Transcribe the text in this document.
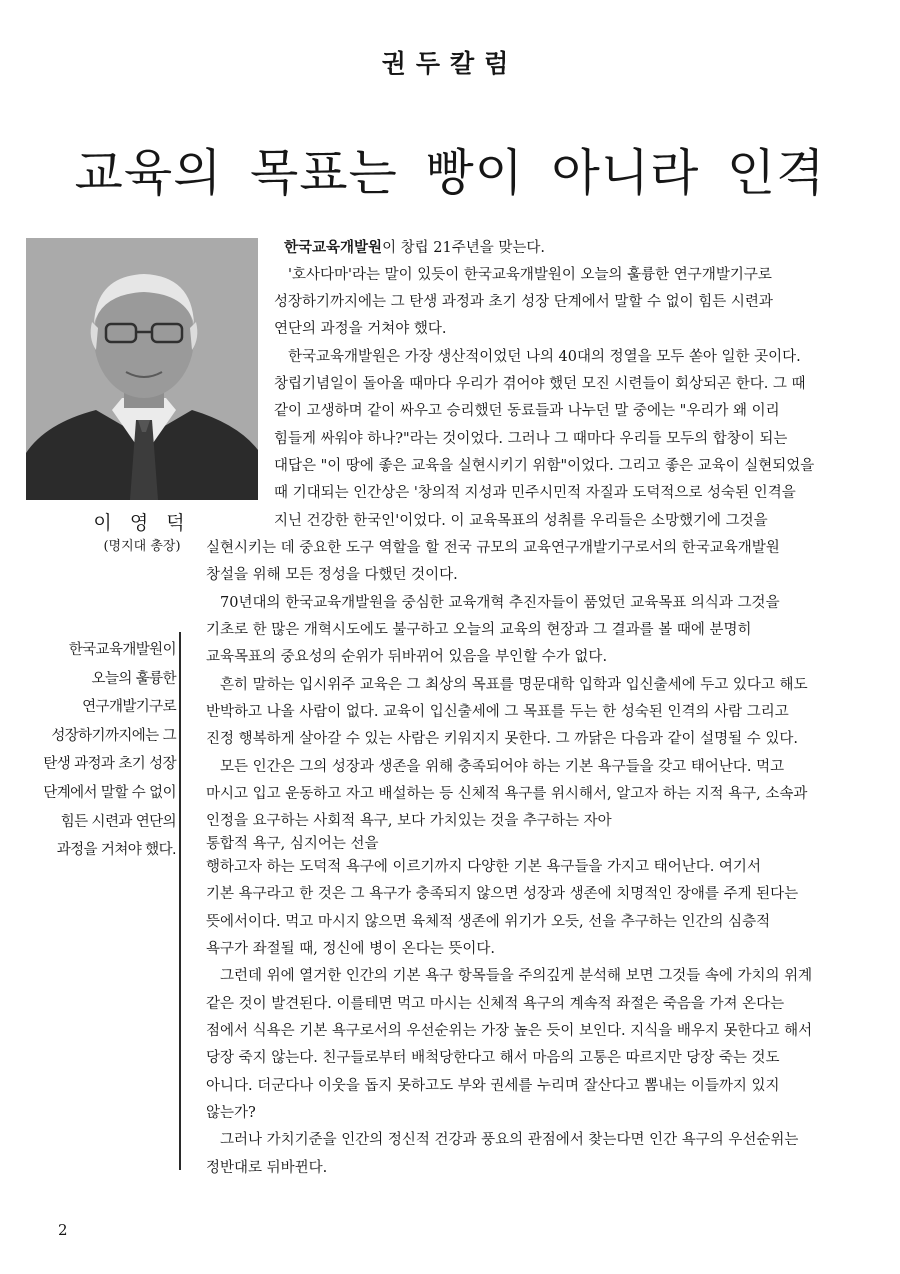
권두칼럼
교육의 목표는 빵이 아니라 인격
이 영 덕
(명지대 총장)
한국교육개발원이
오늘의 훌륭한
연구개발기구로
성장하기까지에는 그
탄생 과정과 초기 성장
단계에서 말할 수 없이
힘든 시련과 연단의
과정을 거쳐야 했다.
한국교육개발원이 창립 21주년을 맞는다.
'호사다마'라는 말이 있듯이 한국교육개발원이 오늘의 훌륭한 연구개발기구로
성장하기까지에는 그 탄생 과정과 초기 성장 단계에서 말할 수 없이 힘든 시련과
연단의 과정을 거쳐야 했다.
한국교육개발원은 가장 생산적이었던 나의 40대의 정열을 모두 쏟아 일한 곳이다.
창립기념일이 돌아올 때마다 우리가 겪어야 했던 모진 시련들이 회상되곤 한다. 그 때
같이 고생하며 같이 싸우고 승리했던 동료들과 나누던 말 중에는 "우리가 왜 이리
힘들게 싸워야 하나?"라는 것이었다. 그러나 그 때마다 우리들 모두의 합창이 되는
대답은 "이 땅에 좋은 교육을 실현시키기 위함"이었다. 그리고 좋은 교육이 실현되었을
때 기대되는 인간상은 '창의적 지성과 민주시민적 자질과 도덕적으로 성숙된 인격을
지닌 건강한 한국인'이었다. 이 교육목표의 성취를 우리들은 소망했기에 그것을
실현시키는 데 중요한 도구 역할을 할 전국 규모의 교육연구개발기구로서의 한국교육개발원
창설을 위해 모든 정성을 다했던 것이다.
70년대의 한국교육개발원을 중심한 교육개혁 추진자들이 품었던 교육목표 의식과 그것을
기초로 한 많은 개혁시도에도 불구하고 오늘의 교육의 현장과 그 결과를 볼 때에 분명히
교육목표의 중요성의 순위가 뒤바뀌어 있음을 부인할 수가 없다.
흔히 말하는 입시위주 교육은 그 최상의 목표를 명문대학 입학과 입신출세에 두고 있다고 해도
반박하고 나올 사람이 없다. 교육이 입신출세에 그 목표를 두는 한 성숙된 인격의 사람 그리고
진정 행복하게 살아갈 수 있는 사람은 키워지지 못한다. 그 까닭은 다음과 같이 설명될 수 있다.
모든 인간은 그의 성장과 생존을 위해 충족되어야 하는 기본 욕구들을 갖고 태어난다. 먹고
마시고 입고 운동하고 자고 배설하는 등 신체적 욕구를 위시해서, 알고자 하는 지적 욕구, 소속과
인정을 요구하는 사회적 욕구, 보다 가치있는 것을 추구하는 자아
통합적 욕구, 심지어는 선을
행하고자 하는 도덕적 욕구에 이르기까지 다양한 기본 욕구들을 가지고 태어난다. 여기서
기본 욕구라고 한 것은 그 욕구가 충족되지 않으면 성장과 생존에 치명적인 장애를 주게 된다는
뜻에서이다. 먹고 마시지 않으면 육체적 생존에 위기가 오듯, 선을 추구하는 인간의 심층적
욕구가 좌절될 때, 정신에 병이 온다는 뜻이다.
그런데 위에 열거한 인간의 기본 욕구 항목들을 주의깊게 분석해 보면 그것들 속에 가치의 위계
같은 것이 발견된다. 이를테면 먹고 마시는 신체적 욕구의 계속적 좌절은 죽음을 가져 온다는
점에서 식욕은 기본 욕구로서의 우선순위는 가장 높은 듯이 보인다. 지식을 배우지 못한다고 해서
당장 죽지 않는다. 친구들로부터 배척당한다고 해서 마음의 고통은 따르지만 당장 죽는 것도
아니다. 더군다나 이웃을 돕지 못하고도 부와 권세를 누리며 잘산다고 뽐내는 이들까지 있지
않는가?
그러나 가치기준을 인간의 정신적 건강과 풍요의 관점에서 찾는다면 인간 욕구의 우선순위는
정반대로 뒤바뀐다.
2
